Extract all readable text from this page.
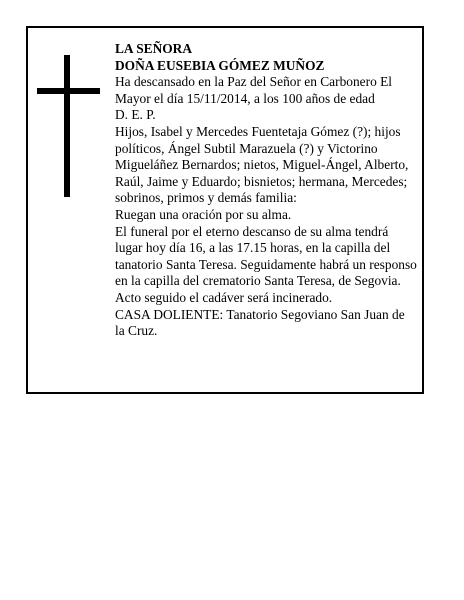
LA SEÑORA

DOÑA EUSEBIA GÓMEZ MUÑOZ

Ha descansado en la Paz del Señor en Carbonero El Mayor el día 15/11/2014, a los 100 años de edad

D. E. P.

Hijos, Isabel y Mercedes Fuentetaja Gómez (?); hijos políticos, Ángel Subtil Marazuela (?) y Victorino Migueláñez Bernardos; nietos, Miguel-Ángel, Alberto, Raúl, Jaime y Eduardo; bisnietos; hermana, Mercedes; sobrinos, primos y demás familia:

Ruegan una oración por su alma.

El funeral por el eterno descanso de su alma tendrá lugar hoy día 16, a las 17.15 horas, en la capilla del tanatorio Santa Teresa. Seguidamente habrá un responso en la capilla del crematorio Santa Teresa, de Segovia. Acto seguido el cadáver será incinerado.

CASA DOLIENTE: Tanatorio Segoviano San Juan de la Cruz.
